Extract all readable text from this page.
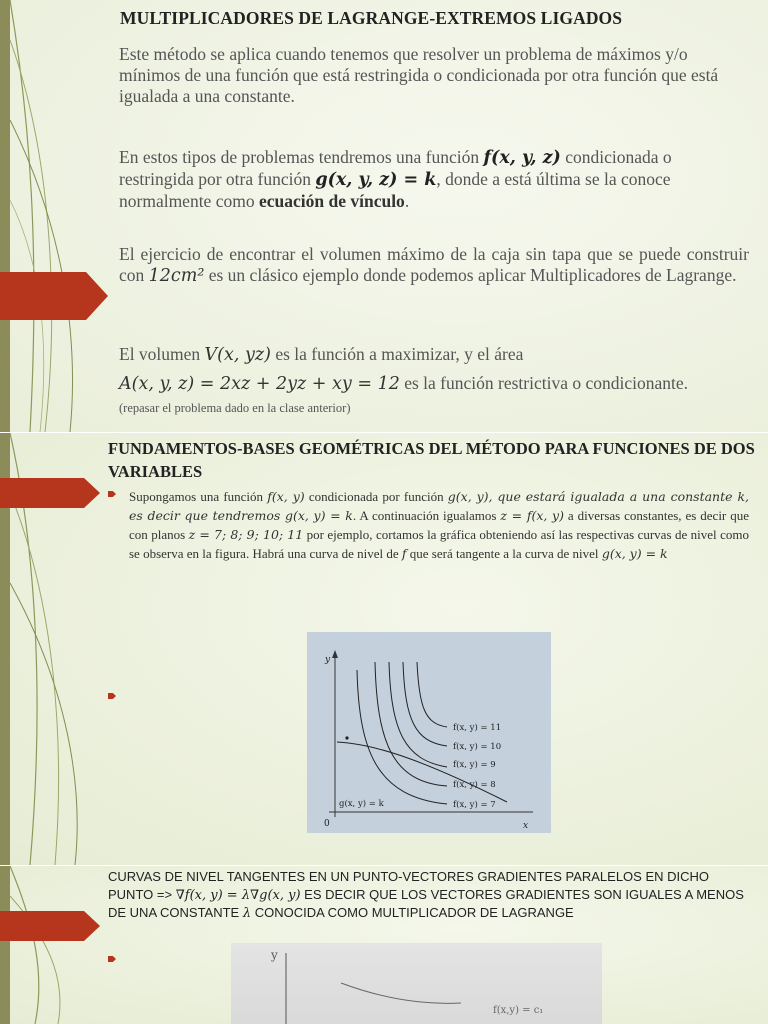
MULTIPLICADORES DE LAGRANGE-EXTREMOS LIGADOS
Este método se aplica cuando tenemos que resolver un problema de máximos y/o mínimos de una función que está restringida o condicionada por otra función que está igualada a una constante.
En estos tipos de problemas tendremos una función f(x, y, z) condicionada o restringida por otra función g(x, y, z) = k, donde a está última se la conoce normalmente como ecuación de vínculo.
El ejercicio de encontrar el volumen máximo de la caja sin tapa que se puede construir con 12cm² es un clásico ejemplo donde podemos aplicar Multiplicadores de Lagrange.
El volumen V(x, yz) es la función a maximizar, y el área
A(x, y, z) = 2xz + 2yz + xy = 12 es la función restrictiva o condicionante.
(repasar el problema dado en la clase anterior)
FUNDAMENTOS-BASES GEOMÉTRICAS DEL MÉTODO PARA FUNCIONES DE DOS VARIABLES
Supongamos una función f(x, y) condicionada por función g(x, y), que estará igualada a una constante k, es decir que tendremos g(x, y) = k. A continuación igualamos z = f(x, y) a diversas constantes, es decir que con planos z = 7; 8; 9; 10; 11 por ejemplo, cortamos la gráfica obteniendo así las respectivas curvas de nivel como se observa en la figura. Habrá una curva de nivel de f que será tangente a la curva de nivel g(x, y) = k
y
x
0
f(x, y) = 11
f(x, y) = 10
f(x, y) = 9
f(x, y) = 8
f(x, y) = 7
g(x, y) = k
CURVAS DE NIVEL TANGENTES EN UN PUNTO-VECTORES GRADIENTES PARALELOS EN DICHO PUNTO => ∇f(x, y) = λ∇g(x, y) ES DECIR QUE LOS VECTORES GRADIENTES SON IGUALES A MENOS DE UNA CONSTANTE λ CONOCIDA COMO MULTIPLICADOR DE LAGRANGE
y
f(x,y) = c₁
